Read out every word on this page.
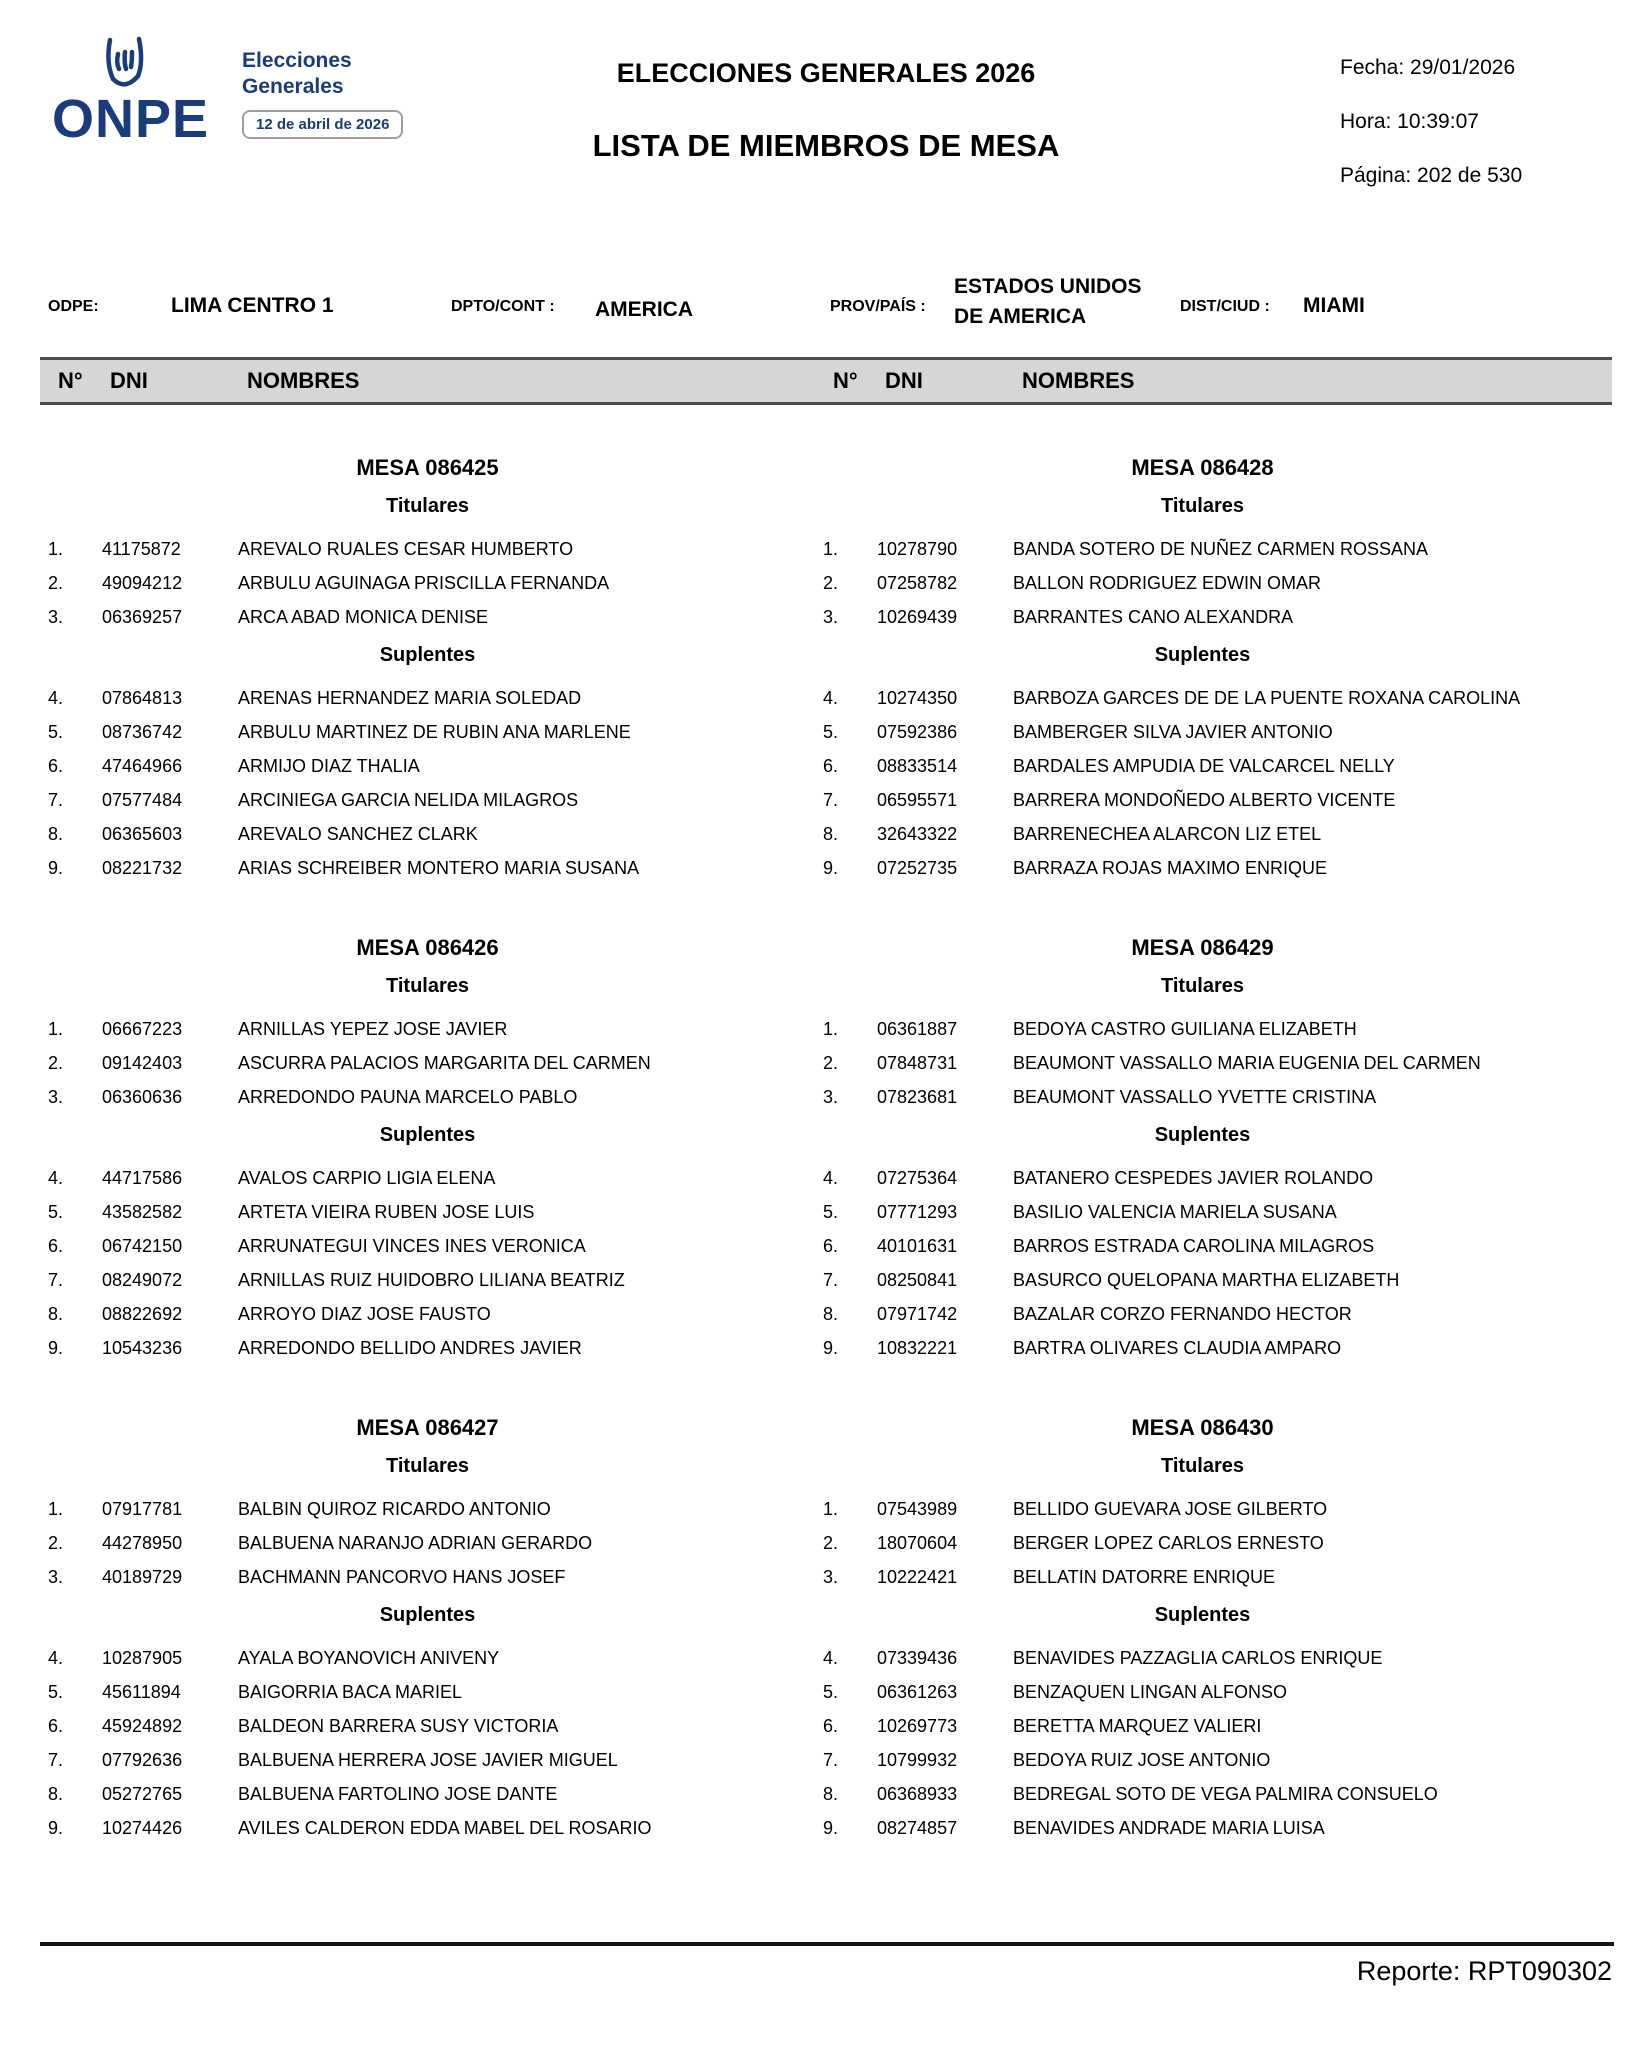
ONPE
Elecciones
Generales
12 de abril de 2026
ELECCIONES GENERALES 2026
LISTA DE MIEMBROS DE MESA
Fecha: 29/01/2026
Hora: 10:39:07
Página: 202 de 530
ODPE:	LIMA CENTRO 1	DPTO/CONT : AMERICA	PROV/PAÍS :
ESTADOS UNIDOS DE AMERICA	DIST/CIUD : MIAMI
N° DNI	NOMBRES	N° DNI	NOMBRES
MESA 086425
Titulares
1.	41175872	AREVALO RUALES CESAR HUMBERTO
2.	49094212	ARBULU AGUINAGA PRISCILLA FERNANDA
3.	06369257	ARCA ABAD MONICA DENISE
Suplentes
4.	07864813	ARENAS HERNANDEZ MARIA SOLEDAD
5.	08736742	ARBULU MARTINEZ DE RUBIN ANA MARLENE
6.	47464966	ARMIJO DIAZ THALIA
7.	07577484	ARCINIEGA GARCIA NELIDA MILAGROS
8.	06365603	AREVALO SANCHEZ CLARK
9.	08221732	ARIAS SCHREIBER MONTERO MARIA SUSANA
MESA 086426
Titulares
1.	06667223	ARNILLAS YEPEZ JOSE JAVIER
2.	09142403	ASCURRA PALACIOS MARGARITA DEL CARMEN
3.	06360636	ARREDONDO PAUNA MARCELO PABLO
Suplentes
4.	44717586	AVALOS CARPIO LIGIA ELENA
5.	43582582	ARTETA VIEIRA RUBEN JOSE LUIS
6.	06742150	ARRUNATEGUI VINCES INES VERONICA
7.	08249072	ARNILLAS RUIZ HUIDOBRO LILIANA BEATRIZ
8.	08822692	ARROYO DIAZ JOSE FAUSTO
9.	10543236	ARREDONDO BELLIDO ANDRES JAVIER
MESA 086427
Titulares
1.	07917781	BALBIN QUIROZ RICARDO ANTONIO
2.	44278950	BALBUENA NARANJO ADRIAN GERARDO
3.	40189729	BACHMANN PANCORVO HANS JOSEF
Suplentes
4.	10287905	AYALA BOYANOVICH ANIVENY
5.	45611894	BAIGORRIA BACA MARIEL
6.	45924892	BALDEON BARRERA SUSY VICTORIA
7.	07792636	BALBUENA HERRERA JOSE JAVIER MIGUEL
8.	05272765	BALBUENA FARTOLINO JOSE DANTE
9.	10274426	AVILES CALDERON EDDA MABEL DEL ROSARIO
MESA 086428
Titulares
1.	10278790	BANDA SOTERO DE NUÑEZ CARMEN ROSSANA
2.	07258782	BALLON RODRIGUEZ EDWIN OMAR
3.	10269439	BARRANTES CANO ALEXANDRA
Suplentes
4.	10274350	BARBOZA GARCES DE DE LA PUENTE ROXANA CAROLINA
5.	07592386	BAMBERGER SILVA JAVIER ANTONIO
6.	08833514	BARDALES AMPUDIA DE VALCARCEL NELLY
7.	06595571	BARRERA MONDOÑEDO ALBERTO VICENTE
8.	32643322	BARRENECHEA ALARCON LIZ ETEL
9.	07252735	BARRAZA ROJAS MAXIMO ENRIQUE
MESA 086429
Titulares
1.	06361887	BEDOYA CASTRO GUILIANA ELIZABETH
2.	07848731	BEAUMONT VASSALLO MARIA EUGENIA DEL CARMEN
3.	07823681	BEAUMONT VASSALLO YVETTE CRISTINA
Suplentes
4.	07275364	BATANERO CESPEDES JAVIER ROLANDO
5.	07771293	BASILIO VALENCIA MARIELA SUSANA
6.	40101631	BARROS ESTRADA CAROLINA MILAGROS
7.	08250841	BASURCO QUELOPANA MARTHA ELIZABETH
8.	07971742	BAZALAR CORZO FERNANDO HECTOR
9.	10832221	BARTRA OLIVARES CLAUDIA AMPARO
MESA 086430
Titulares
1.	07543989	BELLIDO GUEVARA JOSE GILBERTO
2.	18070604	BERGER LOPEZ CARLOS ERNESTO
3.	10222421	BELLATIN DATORRE ENRIQUE
Suplentes
4.	07339436	BENAVIDES PAZZAGLIA CARLOS ENRIQUE
5.	06361263	BENZAQUEN LINGAN ALFONSO
6.	10269773	BERETTA MARQUEZ VALIERI
7.	10799932	BEDOYA RUIZ JOSE ANTONIO
8.	06368933	BEDREGAL SOTO DE VEGA PALMIRA CONSUELO
9.	08274857	BENAVIDES ANDRADE MARIA LUISA
Reporte: RPT090302
